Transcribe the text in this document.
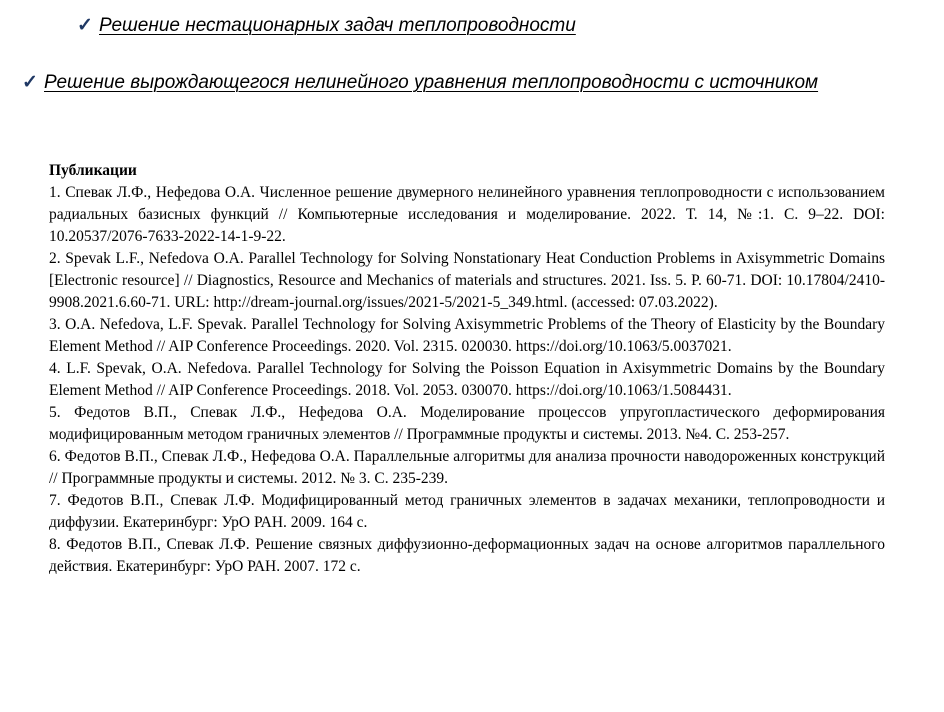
✓ Решение нестационарных задач теплопроводности
✓ Решение вырождающегося нелинейного уравнения теплопроводности с источником
Публикации

1. Спевак Л.Ф., Нефедова О.А. Численное решение двумерного нелинейного уравнения теплопроводности с использованием радиальных базисных функций // Компьютерные исследования и моделирование. 2022. Т. 14, №:1. С. 9–22. DOI: 10.20537/2076-7633-2022-14-1-9-22.

2. Spevak L.F., Nefedova O.A. Parallel Technology for Solving Nonstationary Heat Conduction Problems in Axisymmetric Domains [Electronic resource] // Diagnostics, Resource and Mechanics of materials and structures. 2021. Iss. 5. P. 60-71. DOI: 10.17804/2410-9908.2021.6.60-71. URL: http://dream-journal.org/issues/2021-5/2021-5_349.html. (accessed: 07.03.2022).

3. O.A. Nefedova, L.F. Spevak. Parallel Technology for Solving Axisymmetric Problems of the Theory of Elasticity by the Boundary Element Method // AIP Conference Proceedings. 2020. Vol. 2315. 020030. https://doi.org/10.1063/5.0037021.

4. L.F. Spevak, O.A. Nefedova. Parallel Technology for Solving the Poisson Equation in Axisymmetric Domains by the Boundary Element Method // AIP Conference Proceedings. 2018. Vol. 2053. 030070. https://doi.org/10.1063/1.5084431.

5. Федотов В.П., Спевак Л.Ф., Нефедова О.А. Моделирование процессов упругопластического деформирования модифицированным методом граничных элементов // Программные продукты и системы. 2013. №4. С. 253-257.

6. Федотов В.П., Спевак Л.Ф., Нефедова О.А. Параллельные алгоритмы для анализа прочности наводороженных конструкций // Программные продукты и системы. 2012. № 3. С. 235-239.

7. Федотов В.П., Спевак Л.Ф. Модифицированный метод граничных элементов в задачах механики, теплопроводности и диффузии. Екатеринбург: УрО РАН. 2009. 164 с.

8. Федотов В.П., Спевак Л.Ф. Решение связных диффузионно-деформационных задач на основе алгоритмов параллельного действия. Екатеринбург: УрО РАН. 2007. 172 с.
